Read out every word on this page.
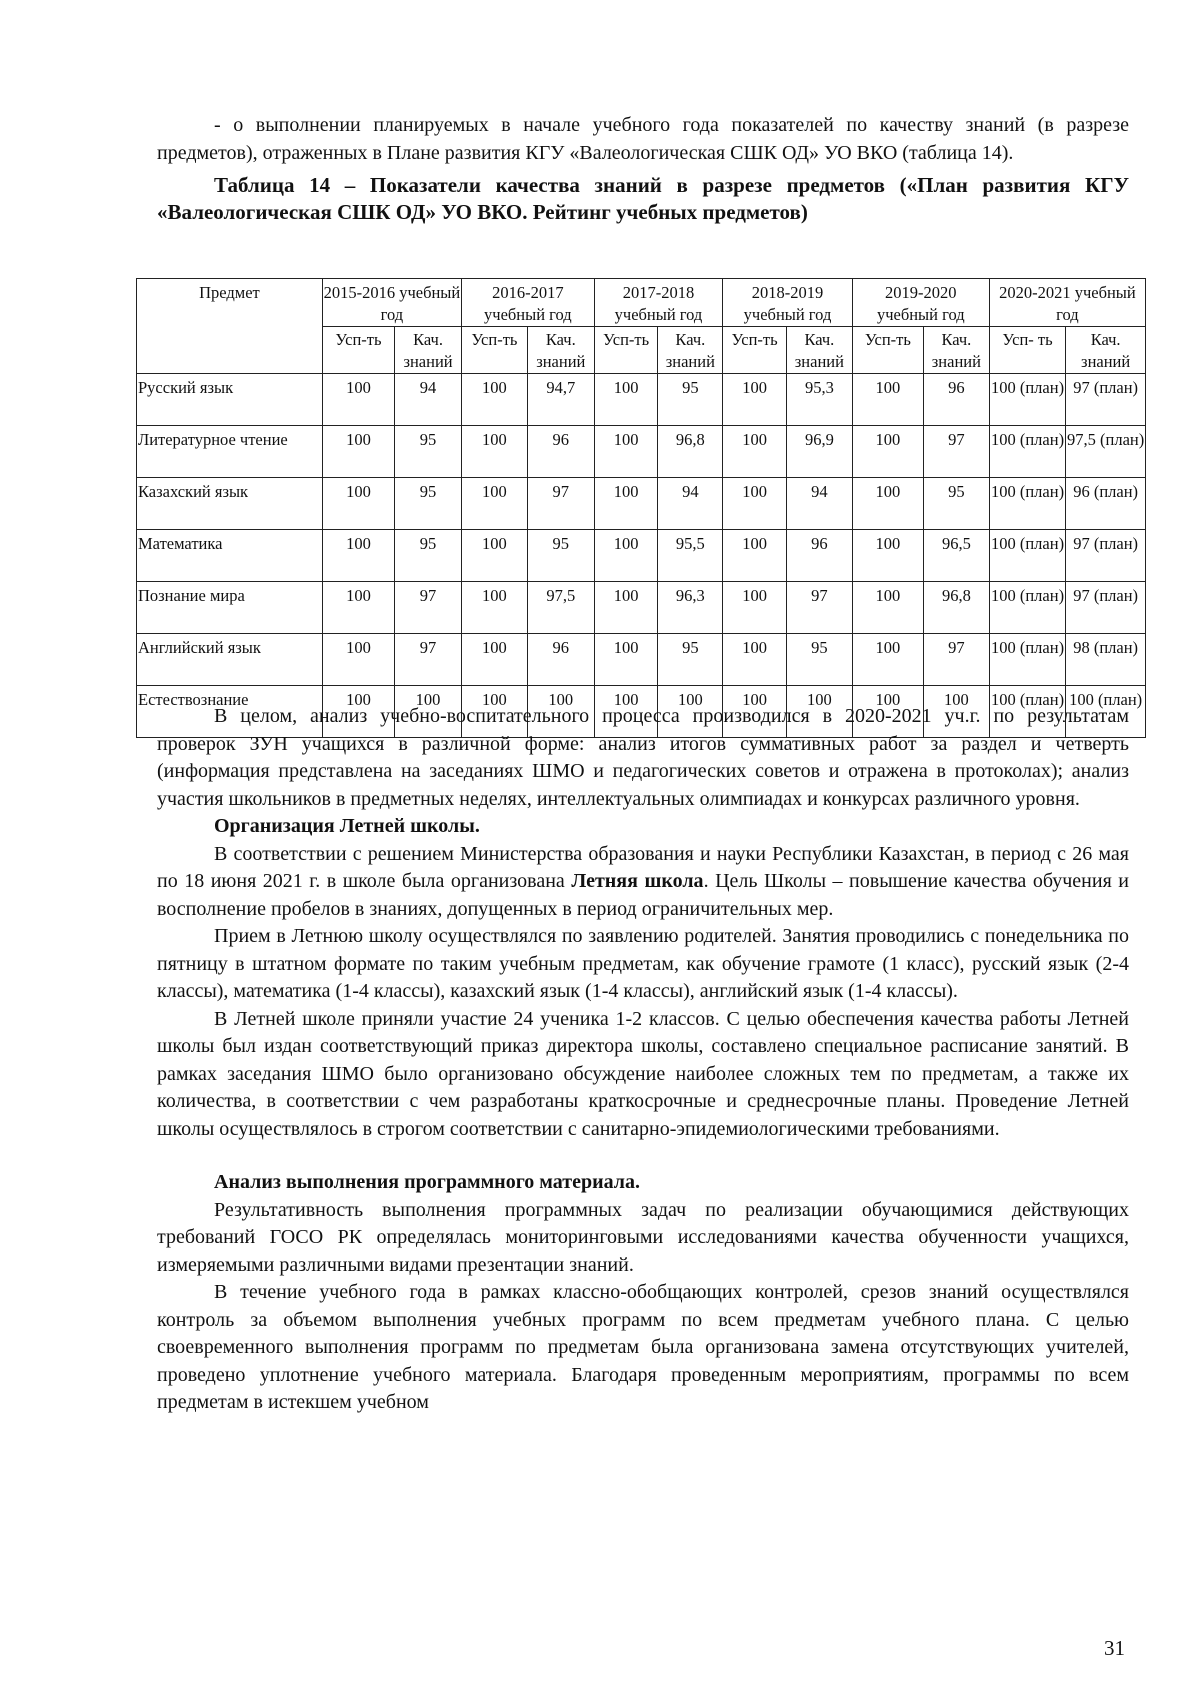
- о выполнении планируемых в начале учебного года показателей по качеству знаний (в разрезе предметов), отраженных в Плане развития КГУ «Валеологическая СШК ОД» УО ВКО (таблица 14).

Таблица 14 – Показатели качества знаний в разрезе предметов («План развития КГУ «Валеологическая СШК ОД» УО ВКО. Рейтинг учебных предметов)

Предмет	2015-2016 учебный год		2016-2017 учебный год		2017-2018 учебный год		2018-2019 учебный год		2019-2020 учебный год		2020-2021 учебный год	
	Усп-ть	Кач. знаний	Усп-ть	Кач. знаний	Усп-ть	Кач. знаний	Усп-ть	Кач. знаний	Усп-ть	Кач. знаний	Усп- ть	Кач. знаний
Русский язык	100	94	100	94,7	100	95	100	95,3	100	96	100 (план)	97 (план)
Литературное чтение	100	95	100	96	100	96,8	100	96,9	100	97	100 (план)	97,5 (план)
Казахский язык	100	95	100	97	100	94	100	94	100	95	100 (план)	96 (план)
Математика	100	95	100	95	100	95,5	100	96	100	96,5	100 (план)	97 (план)
Познание мира	100	97	100	97,5	100	96,3	100	97	100	96,8	100 (план)	97 (план)
Английский язык	100	97	100	96	100	95	100	95	100	97	100 (план)	98 (план)
Естествознание	100	100	100	100	100	100	100	100	100	100	100 (план)	100 (план)

В целом, анализ учебно-воспитательного процесса производился в 2020-2021 уч.г. по результатам проверок ЗУН учащихся в различной форме: анализ итогов суммативных работ за раздел и четверть (информация представлена на заседаниях ШМО и педагогических советов и отражена в протоколах); анализ участия школьников в предметных неделях, интеллектуальных олимпиадах и конкурсах различного уровня.

Организация Летней школы.

В соответствии с решением Министерства образования и науки Республики Казахстан, в период с 26 мая по 18 июня 2021 г. в школе была организована Летняя школа. Цель Школы – повышение качества обучения и восполнение пробелов в знаниях, допущенных в период ограничительных мер.

Прием в Летнюю школу осуществлялся по заявлению родителей. Занятия проводились с понедельника по пятницу в штатном формате по таким учебным предметам, как обучение грамоте (1 класс), русский язык (2-4 классы), математика (1-4 классы), казахский язык (1-4 классы), английский язык (1-4 классы).

В Летней школе приняли участие 24 ученика 1-2 классов. С целью обеспечения качества работы Летней школы был издан соответствующий приказ директора школы, составлено специальное расписание занятий. В рамках заседания ШМО было организовано обсуждение наиболее сложных тем по предметам, а также их количества, в соответствии с чем разработаны краткосрочные и среднесрочные планы. Проведение Летней школы осуществлялось в строгом соответствии с санитарно-эпидемиологическими требованиями.

Анализ выполнения программного материала.

Результативность выполнения программных задач по реализации обучающимися действующих требований ГОСО РК определялась мониторинговыми исследованиями качества обученности учащихся, измеряемыми различными видами презентации знаний.

В течение учебного года в рамках классно-обобщающих контролей, срезов знаний осуществлялся контроль за объемом выполнения учебных программ по всем предметам учебного плана. С целью своевременного выполнения программ по предметам была организована замена отсутствующих учителей, проведено уплотнение учебного материала. Благодаря проведенным мероприятиям, программы по всем предметам в истекшем учебном

31
